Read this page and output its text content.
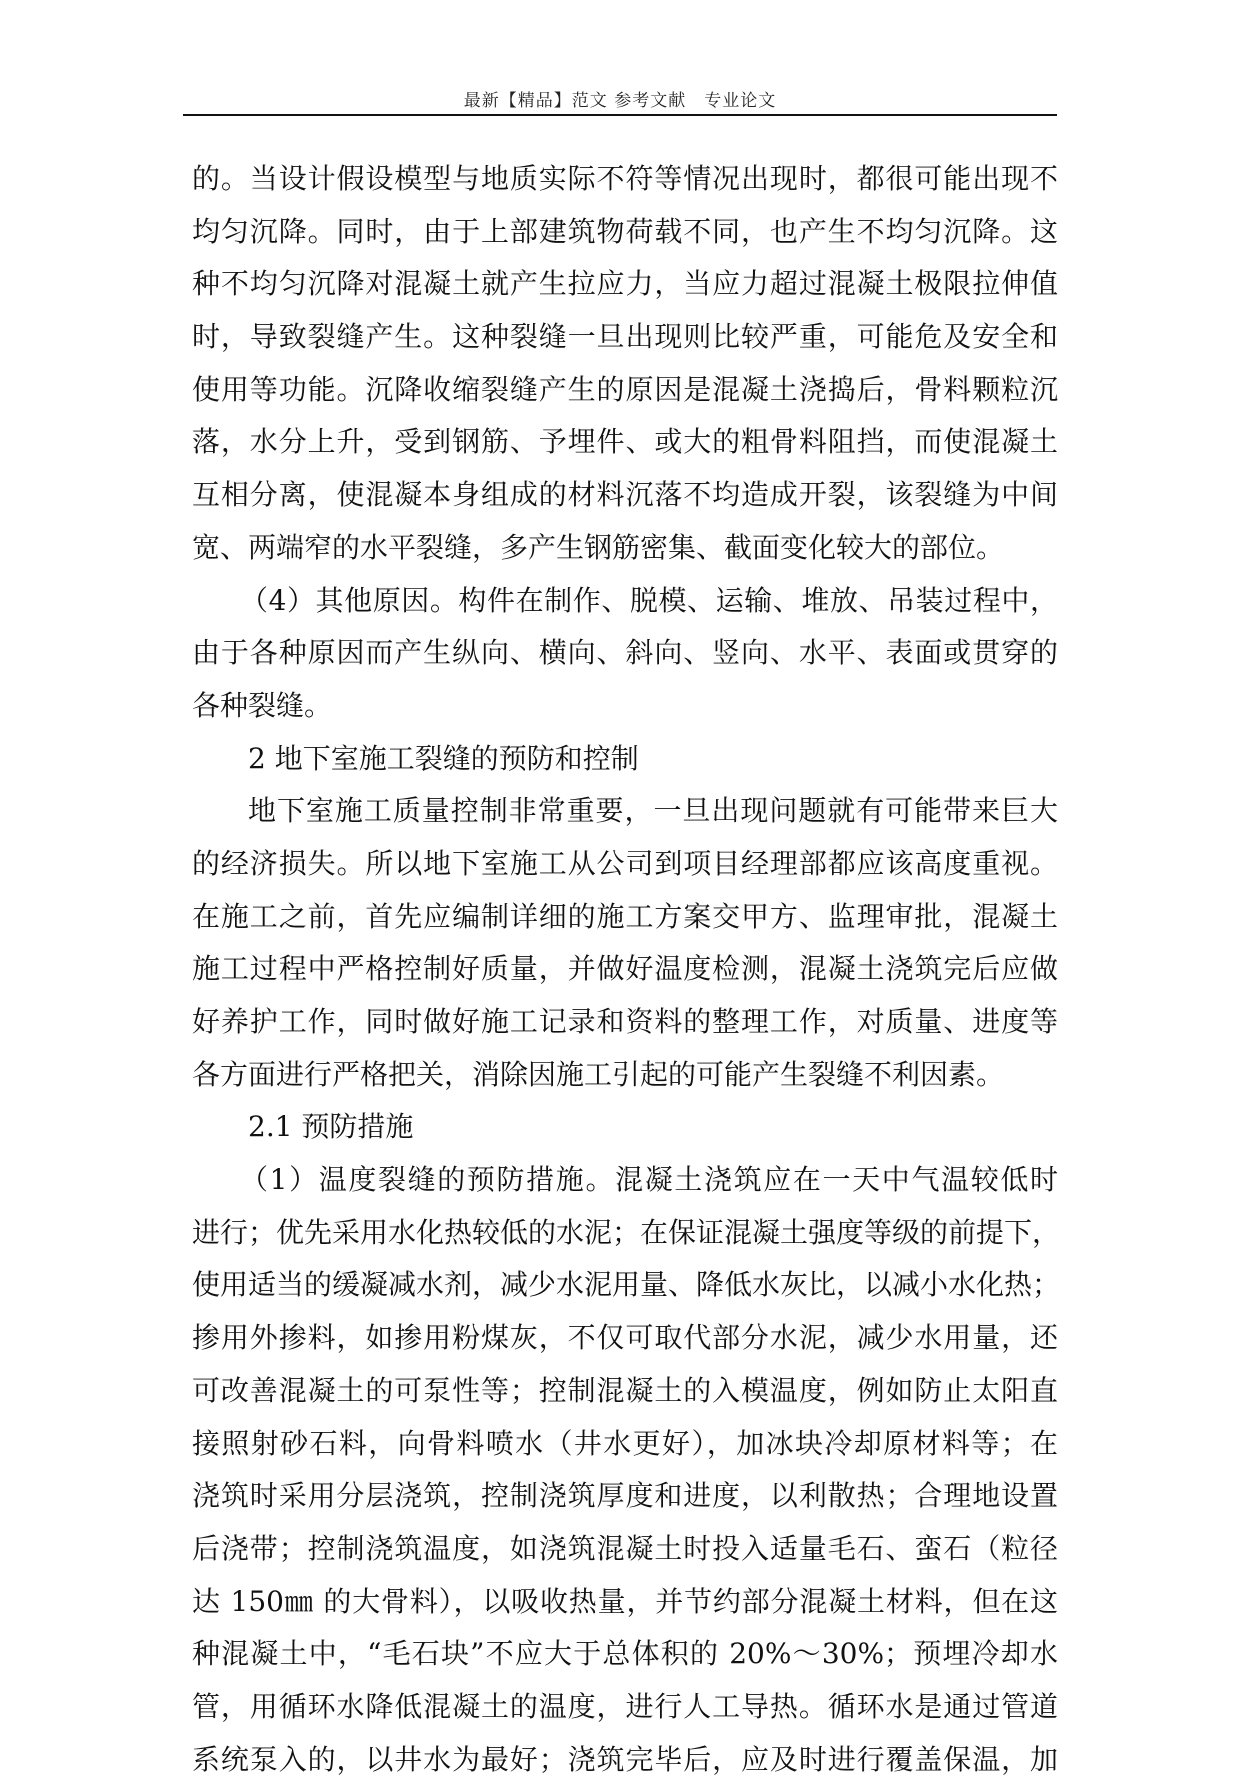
最新【精品】范文 参考文献　专业论文
的。当设计假设模型与地质实际不符等情况出现时，都很可能出现不
均匀沉降。同时，由于上部建筑物荷载不同，也产生不均匀沉降。这
种不均匀沉降对混凝土就产生拉应力，当应力超过混凝土极限拉伸值
时，导致裂缝产生。这种裂缝一旦出现则比较严重，可能危及安全和
使用等功能。沉降收缩裂缝产生的原因是混凝土浇捣后，骨料颗粒沉
落，水分上升，受到钢筋、予埋件、或大的粗骨料阻挡，而使混凝土
互相分离，使混凝本身组成的材料沉落不均造成开裂，该裂缝为中间
宽、两端窄的水平裂缝，多产生钢筋密集、截面变化较大的部位。
（4）其他原因。构件在制作、脱模、运输、堆放、吊装过程中，
由于各种原因而产生纵向、横向、斜向、竖向、水平、表面或贯穿的
各种裂缝。
2 地下室施工裂缝的预防和控制
地下室施工质量控制非常重要，一旦出现问题就有可能带来巨大
的经济损失。所以地下室施工从公司到项目经理部都应该高度重视。
在施工之前，首先应编制详细的施工方案交甲方、监理审批，混凝土
施工过程中严格控制好质量，并做好温度检测，混凝土浇筑完后应做
好养护工作，同时做好施工记录和资料的整理工作，对质量、进度等
各方面进行严格把关，消除因施工引起的可能产生裂缝不利因素。
2.1 预防措施
（1）温度裂缝的预防措施。混凝土浇筑应在一天中气温较低时
进行；优先采用水化热较低的水泥；在保证混凝土强度等级的前提下，
使用适当的缓凝减水剂，减少水泥用量、降低水灰比，以减小水化热；
掺用外掺料，如掺用粉煤灰，不仅可取代部分水泥，减少水用量，还
可改善混凝土的可泵性等；控制混凝土的入模温度，例如防止太阳直
接照射砂石料，向骨料喷水（井水更好），加冰块冷却原材料等；在
浇筑时采用分层浇筑，控制浇筑厚度和进度，以利散热；合理地设置
后浇带；控制浇筑温度，如浇筑混凝土时投入适量毛石、蛮石（粒径
达 150㎜ 的大骨料），以吸收热量，并节约部分混凝土材料，但在这
种混凝土中，“毛石块”不应大于总体积的 20%～30%；预埋冷却水
管，用循环水降低混凝土的温度，进行人工导热。循环水是通过管道
系统泵入的，以井水为最好；浇筑完毕后，应及时进行覆盖保温，加
